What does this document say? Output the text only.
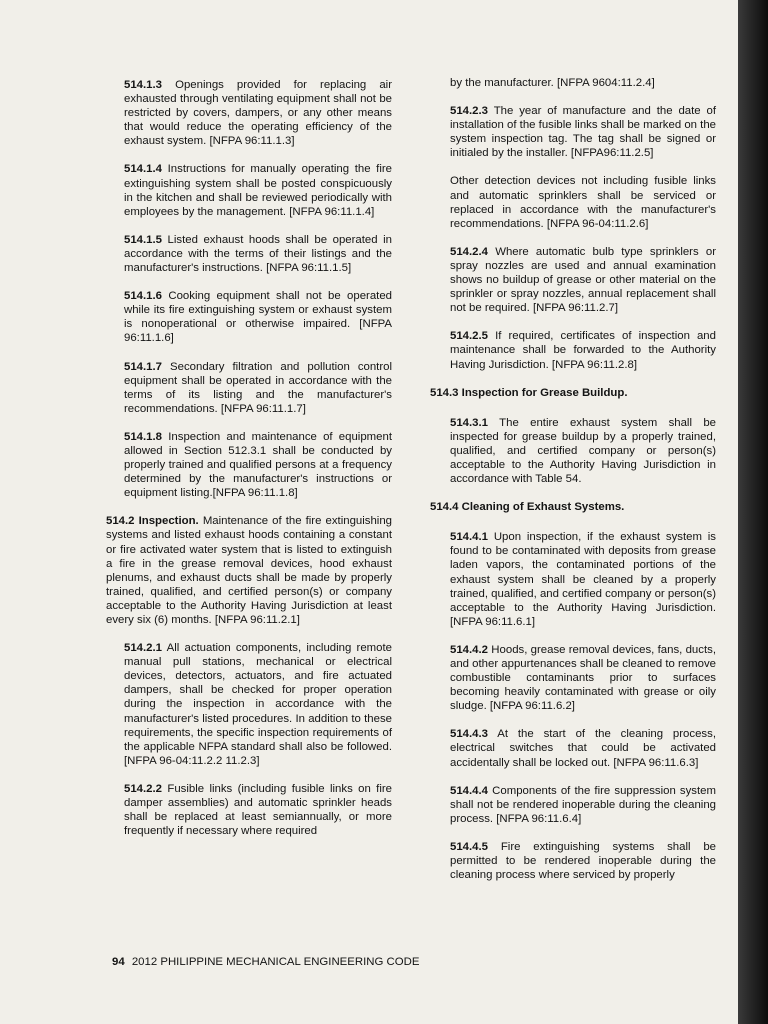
514.1.3 Openings provided for replacing air exhausted through ventilating equipment shall not be restricted by covers, dampers, or any other means that would reduce the operating efficiency of the exhaust system. [NFPA 96:11.1.3]

514.1.4 Instructions for manually operating the fire extinguishing system shall be posted conspicuously in the kitchen and shall be reviewed periodically with employees by the management. [NFPA 96:11.1.4]

514.1.5 Listed exhaust hoods shall be operated in accordance with the terms of their listings and the manufacturer's instructions. [NFPA 96:11.1.5]

514.1.6 Cooking equipment shall not be operated while its fire extinguishing system or exhaust system is nonoperational or otherwise impaired. [NFPA 96:11.1.6]

514.1.7 Secondary filtration and pollution control equipment shall be operated in accordance with the terms of its listing and the manufacturer's recommendations. [NFPA 96:11.1.7]

514.1.8 Inspection and maintenance of equipment allowed in Section 512.3.1 shall be conducted by properly trained and qualified persons at a frequency determined by the manufacturer's instructions or equipment listing.[NFPA 96:11.1.8]

514.2 Inspection. Maintenance of the fire extinguishing systems and listed exhaust hoods containing a constant or fire activated water system that is listed to extinguish a fire in the grease removal devices, hood exhaust plenums, and exhaust ducts shall be made by properly trained, qualified, and certified person(s) or company acceptable to the Authority Having Jurisdiction at least every six (6) months. [NFPA 96:11.2.1]

514.2.1 All actuation components, including remote manual pull stations, mechanical or electrical devices, detectors, actuators, and fire actuated dampers, shall be checked for proper operation during the inspection in accordance with the manufacturer's listed procedures. In addition to these requirements, the specific inspection requirements of the applicable NFPA standard shall also be followed. [NFPA 96-04:11.2.2 11.2.3]

514.2.2 Fusible links (including fusible links on fire damper assemblies) and automatic sprinkler heads shall be replaced at least semiannually, or more frequently if necessary where required

by the manufacturer. [NFPA 9604:11.2.4]

514.2.3 The year of manufacture and the date of installation of the fusible links shall be marked on the system inspection tag. The tag shall be signed or initialed by the installer. [NFPA96:11.2.5]

Other detection devices not including fusible links and automatic sprinklers shall be serviced or replaced in accordance with the manufacturer's recommendations. [NFPA 96-04:11.2.6]

514.2.4 Where automatic bulb type sprinklers or spray nozzles are used and annual examination shows no buildup of grease or other material on the sprinkler or spray nozzles, annual replacement shall not be required. [NFPA 96:11.2.7]

514.2.5 If required, certificates of inspection and maintenance shall be forwarded to the Authority Having Jurisdiction. [NFPA 96:11.2.8]

514.3 Inspection for Grease Buildup.

514.3.1 The entire exhaust system shall be inspected for grease buildup by a properly trained, qualified, and certified company or person(s) acceptable to the Authority Having Jurisdiction in accordance with Table 54.

514.4 Cleaning of Exhaust Systems.

514.4.1 Upon inspection, if the exhaust system is found to be contaminated with deposits from grease laden vapors, the contaminated portions of the exhaust system shall be cleaned by a properly trained, qualified, and certified company or person(s) acceptable to the Authority Having Jurisdiction. [NFPA 96:11.6.1]

514.4.2 Hoods, grease removal devices, fans, ducts, and other appurtenances shall be cleaned to remove combustible contaminants prior to surfaces becoming heavily contaminated with grease or oily sludge. [NFPA 96:11.6.2]

514.4.3 At the start of the cleaning process, electrical switches that could be activated accidentally shall be locked out. [NFPA 96:11.6.3]

514.4.4 Components of the fire suppression system shall not be rendered inoperable during the cleaning process. [NFPA 96:11.6.4]

514.4.5 Fire extinguishing systems shall be permitted to be rendered inoperable during the cleaning process where serviced by properly

94 2012 PHILIPPINE MECHANICAL ENGINEERING CODE
